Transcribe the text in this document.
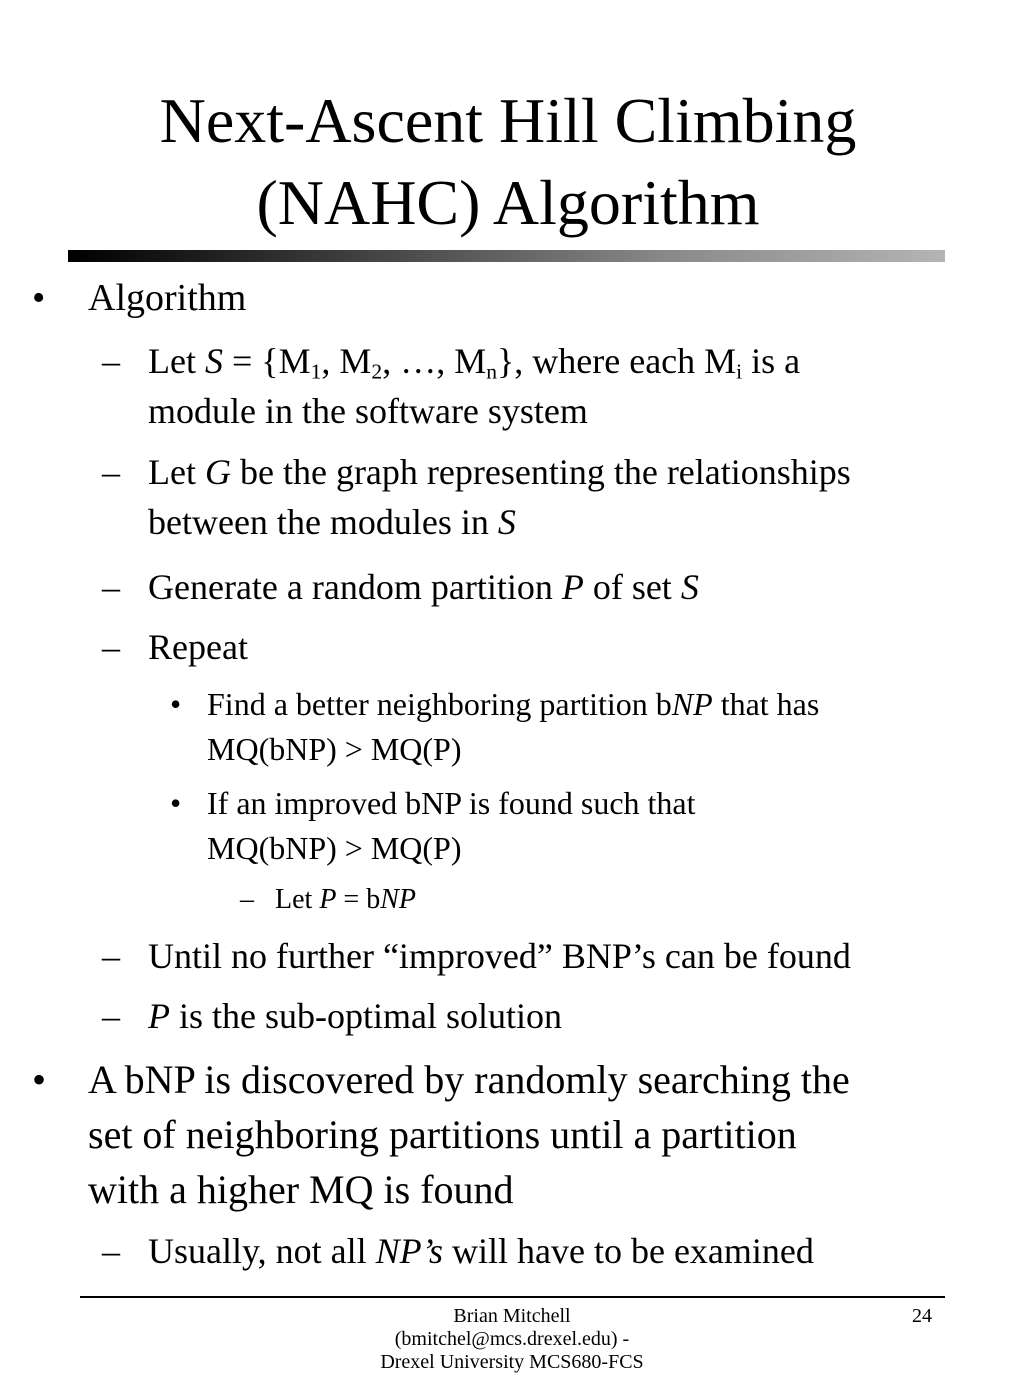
Next-Ascent Hill Climbing
(NAHC) Algorithm
• Algorithm
– Let $S = \{M_1$, $M_2$, …, $M_n$}, where each $M_i$ is a
module in the software system
– Let G be the graph representing the relationships
between the modules in S
– Generate a random partition P of set S
– Repeat
• Find a better neighboring partition bNP that has
MQ(bNP) > MQ(P)
• If an improved bNP is found such that
MQ(bNP) > MQ(P)
– Let P = bNP
– Until no further “improved” BNP’s can be found
– P is the sub-optimal solution
• A bNP is discovered by randomly searching the
set of neighboring partitions until a partition
with a higher MQ is found
– Usually, not all NP’s will have to be examined
Brian Mitchell
(bmitchel@mcs.drexel.edu) -
Drexel University MCS680-FCS
24
